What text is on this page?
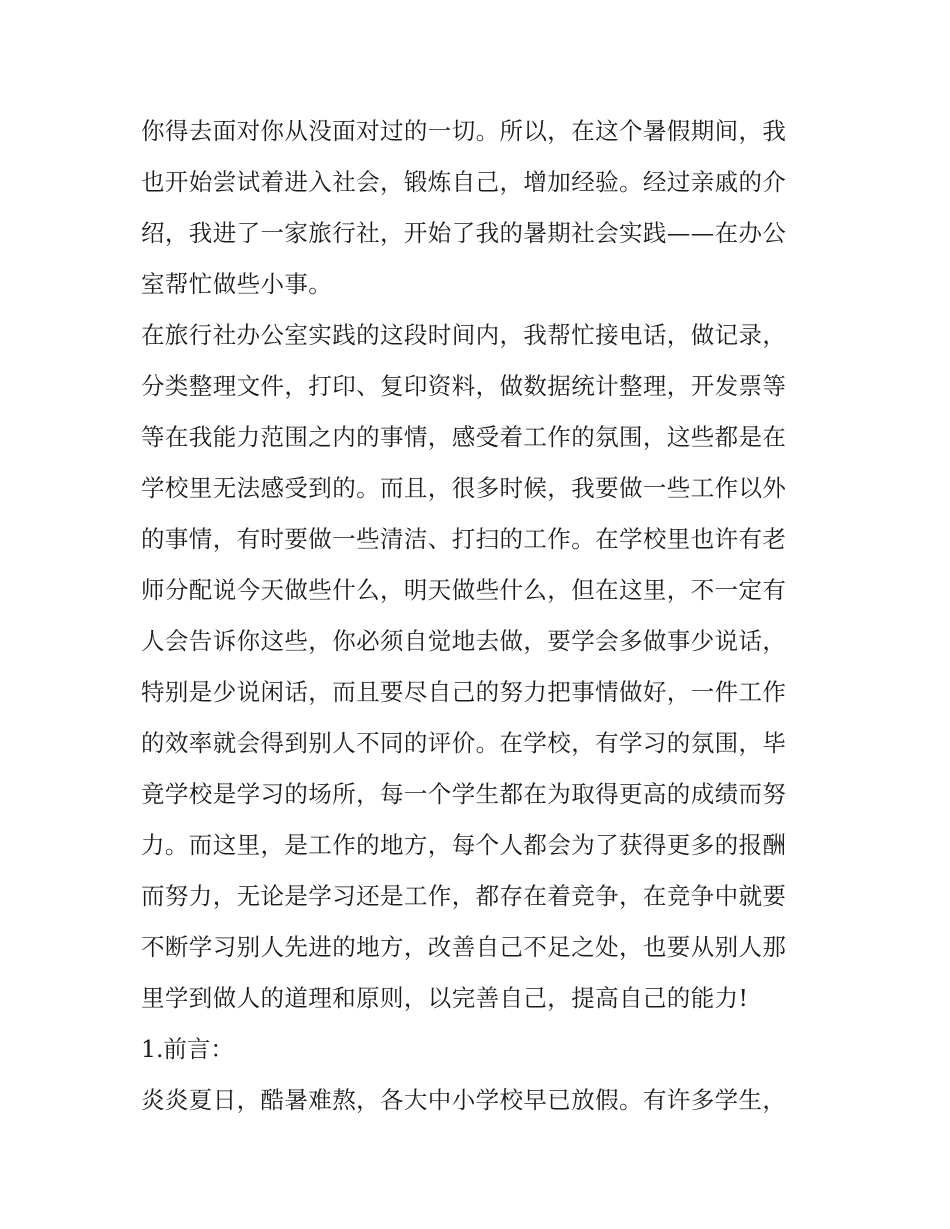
你得去面对你从没面对过的一切。所以，在这个暑假期间，我
也开始尝试着进入社会，锻炼自己，增加经验。经过亲戚的介
绍，我进了一家旅行社，开始了我的暑期社会实践——在办公
室帮忙做些小事。
在旅行社办公室实践的这段时间内，我帮忙接电话，做记录，
分类整理文件，打印、复印资料，做数据统计整理，开发票等
等在我能力范围之内的事情，感受着工作的氛围，这些都是在
学校里无法感受到的。而且，很多时候，我要做一些工作以外
的事情，有时要做一些清洁、打扫的工作。在学校里也许有老
师分配说今天做些什么，明天做些什么，但在这里，不一定有
人会告诉你这些，你必须自觉地去做，要学会多做事少说话，
特别是少说闲话，而且要尽自己的努力把事情做好，一件工作
的效率就会得到别人不同的评价。在学校，有学习的氛围，毕
竟学校是学习的场所，每一个学生都在为取得更高的成绩而努
力。而这里，是工作的地方，每个人都会为了获得更多的报酬
而努力，无论是学习还是工作，都存在着竞争，在竞争中就要
不断学习别人先进的地方，改善自己不足之处，也要从别人那
里学到做人的道理和原则，以完善自己，提高自己的能力!
1.前言：
炎炎夏日，酷暑难熬，各大中小学校早已放假。有许多学生，
